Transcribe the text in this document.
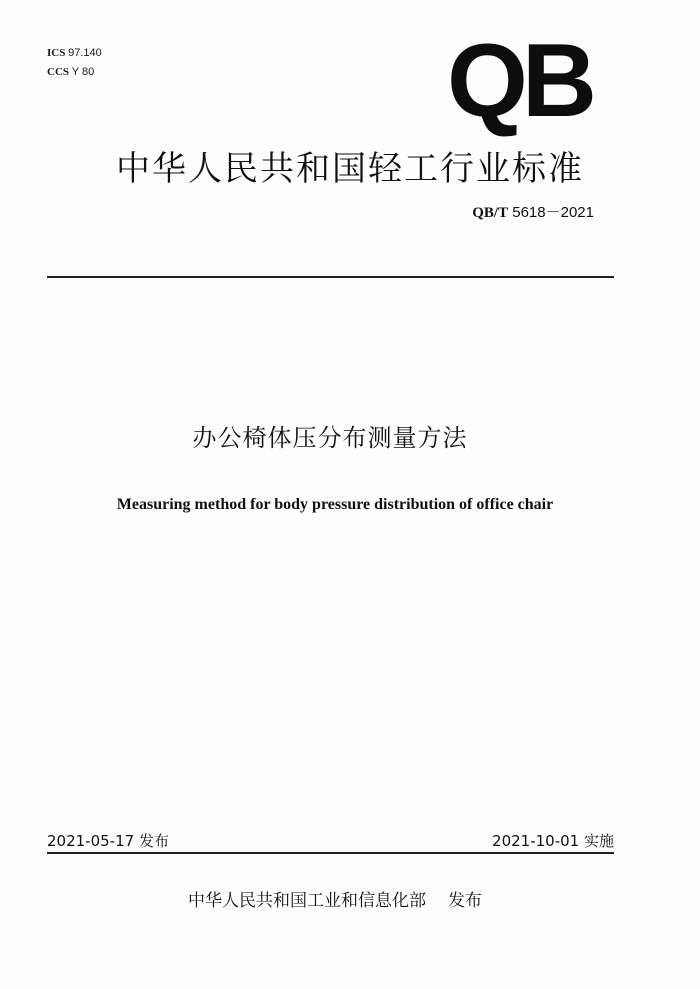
ICS 97.140
CCS Y 80	QB
中华人民共和国轻工行业标准
QB/T 5618－2021
办公椅体压分布测量方法
Measuring method for body pressure distribution of office chair
2021-05-17 发布	2021-10-01 实施
中华人民共和国工业和信息化部 发布
